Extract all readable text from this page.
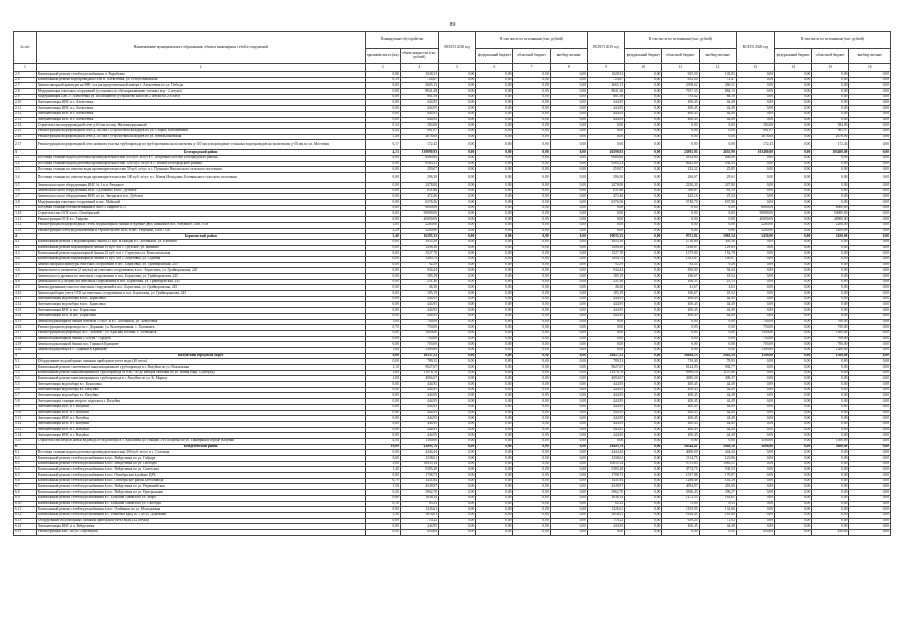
89
№ п/п	Наименование муниципального образования, объекта инженерных сетей и сооружений	Планируемые обустройства		ВСЕГО 2018 год	В том числе по источникам (тыс. рублей)			ВСЕГО 2019 год	В том числе по источникам (тыс. рублей)			ВСЕГО 2020 год	В том числе по источникам (тыс. рублей)		
		протяжён-ность (км)	объем мощности (тыс. рублей)		федеральный бюджет	областной бюджет	внебюд-жетные		федеральный бюджет	областной бюджет	внебюд-жетные		федеральный бюджет	областной бюджет	внебюд-жетные
1	2	3	4	5	6	7	8	9	10	11	12	13	14	15	16
2.5	Капитальный ремонт сетей водоснабжения п. Воробьево	0,88	1028,33	0,00	0,00	0,00	0,00	1028,33	0,00	925,50	102,83	0,00	0,00	0,00	0,00
2.6	Капитальный ремонт водопроводной сети п. Алексеевка, ул. Республиканская	0,19	724,67	0,00	0,00	0,00	0,00	724,67	0,00	652,20	72,47	0,00	0,00	0,00	0,00
2.7	Замена запорной арматуры на ВНС и в распределительной камере г. Алексеевка по ул. Победы	0,00	2665,13	0,00	0,00	0,00	0,00	2665,13	0,00	2398,62	266,51	0,00	0,00	0,00	0,00
2.8	Модернизация очистных сооружений (установка по обеззараживанию сточных вод - 2 штуки)	0,00	8841,48	0,00	0,00	0,00	0,00	8841,48	0,00	7957,33	884,15	0,00	0,00	0,00	0,00
2.9	Модернизация ЦНС г. Алексеевка ул. Космонавтов (устройство насосов 2 штуки по 250 кВт)	0,00	881,58	0,00	0,00	0,00	0,00	881,58	0,00	793,42	88,16	0,00	0,00	0,00	0,00
2.10	Автоматизация КНС п.г. Алексеевка	0,00	444,95	0,00	0,00	0,00	0,00	444,95	0,00	400,45	44,49	0,00	0,00	0,00	0,00
2.11	Автоматизация КНС п.г. Алексеевка	0,00	444,95	0,00	0,00	0,00	0,00	444,95	0,00	400,45	44,49	0,00	0,00	0,00	0,00
2.12	Автоматизация КНС п.г. Алексеевка	0,00	444,95	0,00	0,00	0,00	0,00	444,95	0,00	400,45	44,49	0,00	0,00	0,00	0,00
2.13	Автоматизация КНС п.г. Алексеевка	0,00	444,95	0,00	0,00	0,00	0,00	444,95	0,00	400,45	44,49	0,00	0,00	0,00	0,00
2.14	Строительство водопроводной сети д.63 мм по пер. Железнодорожный	0,34	384,00	0,00	0,00	0,00	0,00	0,00	0,00	0,00	0,00	384,00	0,00	384,00	0,00
2.15	Реконструкция водопроводной сети д.160 мм с устройством колодцев по ул. Старых Большевиков	0,44	981,97	0,00	0,00	0,00	0,00	0,00	0,00	0,00	0,00	981,97	0,00	981,97	0,00
2.16	Реконструкция водопроводной сети д.110 мм с устройством колодцев по ул. Невельсоновская	1,40	2676,00	0,00	0,00	0,00	0,00	0,00	0,00	0,00	0,00	2676,00	0,00	2676,00	0,00
2.17	Реконструкция водопроводной сети заменою участка трубопровода по труб протяжен на полиэтилен д-110 мм и водопадение стальных водопроводов на полиэтилен д-50 мм по ул. Мостовая	0,17	172,43	0,00	0,00	0,00	0,00	0,00	0,00	0,00	0,00	172,43	0,00	172,43	0,00
3	Белгородский район	4,13	139999,93	0,00	0,00	0,00	0,00	26599,93	0,00	23903,93	2655,99	103400,00	0,00	103400,00	0,00
3.1	Поставка станции водоподготовки производительностью 600 куб. м/сут в с. Петровка/Поселок Белгородского района	0,00	6460,80	0,00	0,00	0,00	0,00	6460,80	0,00	5814,80	646,00	0,00	0,00	0,00	0,00
3.2	Поставка станции водоподготовки производительностью 1200 куб. м/сут в с. Репное Белгородского района	0,00	9583,33	0,00	0,00	0,00	0,00	9583,33	0,00	8625,00	958,33	0,00	0,00	0,00	0,00
3.3	Поставка станции по очистке воды производительностью 50 куб. м/сут. в с. Пушкино Никольского сельского поселения	0,00	259,07	0,00	0,00	0,00	0,00	259,07	0,00	233,22	25,85	0,00	0,00	0,00	0,00
3.4	Поставка станции по очистке воды производительностью 100 куб. м/сут. в с. Новая Нелидовка Головинского сельского поселения	0,00	296,30	0,00	0,00	0,00	0,00	296,30	0,00	266,67	29,63	0,00	0,00	0,00	0,00
3.5	Замена насосного оборудования КНС № 1 в п. Разумное	0,00	2478,00	0,00	0,00	0,00	0,00	2478,00	0,00	2230,20	247,80	0,00	0,00	0,00	0,00
3.6	Замена насосного оборудования КНС «Дзолкин» в пос. Дубовое	0,00	631,86	0,00	0,00	0,00	0,00	631,86	0,00	568,67	63,19	0,00	0,00	0,00	0,00
3.7	Замена насосного оборудования КНС по ул. Звездная в пос. Дубовое	0,00	472,40	0,00	0,00	0,00	0,00	472,40	0,00	425,16	47,24	0,00	0,00	0,00	0,00
3.8	Модернизация очистных сооружений в пос. Майский	0,00	6376,56	0,00	0,00	0,00	0,00	6376,56	0,00	5748,70	637,86	0,00	0,00	0,00	0,00
3.9	Поставка станции обезжелезивания в МКР «Таврово-6,7»	0,00	6000,00	0,00	0,00	0,00	0,00	0,00	0,00	0,00	0,00	6000,00	0,00	6000,00	0,00
3.10	Строительство ОСК в пос. Октябрьский	0,00	50000,00	0,00	0,00	0,00	0,00	0,00	0,00	0,00	0,00	50000,00	0,00	50000,00	0,00
3.11	Реконструкция ОСК в с. Таврово	0,00	40000,00	0,00	0,00	0,00	0,00	0,00	0,00	0,00	0,00	40000,00	0,00	40000,00	0,00
3.12	Реконструкция водопроводных сетей, водонапорной башни и бурение двух скважин в пос. Разумное, ПМС-138	1,85	2200,00	0,00	0,00	0,00	0,00	0,00	0,00	0,00	0,00	2200,00	0,00	2200,00	0,00
3.13	Реконструкция сетей водоснабжения и строительство КНС в пос. Разумное, ПМС-138	2,28	5200,00	0,00	0,00	0,00	0,00	0,00	0,00	0,00	0,00	5200,00	0,00	5200,00	0,00
4	Борисовский район	3,40	16285,35	0,00	0,00	0,00	0,00	10835,35	0,00	9751,82	1083,54	5450,00	0,00	5450,00	0,00
4.1	Капитальный ремонт 3 водонапорных башен 25 куб. м каждая в с. Хотмыжск, ул. Климова	0,00	3055,56	0,00	0,00	0,00	0,00	3055,56	0,00	2750,00	305,56	0,00	0,00	0,00	0,00
4.2	Капитальный ремонт водонапорной башни 15 куб. м в с. Грузское, ул. Иванова	0,00	1296,30	0,00	0,00	0,00	0,00	1296,30	0,00	1166,67	129,63	0,00	0,00	0,00	0,00
4.3	Капитальный ремонт водонапорной башни 25 куб. м в с. Стригуны ул. Комсомольская	0,00	1527,78	0,00	0,00	0,00	0,00	1527,78	0,00	1375,00	152,78	0,00	0,00	0,00	0,00
4.4	Капитальный ремонт водонапорной башни 25 куб. м в с. Березовка, ул. Садовая	0,00	1490,74	0,00	0,00	0,00	0,00	1490,74	0,00	1341,67	149,07	0,00	0,00	0,00	0,00
4.5	Замена запорной арматуры очистных сооружений в пос. Борисовка, ул. Грайворонская, 245	0,00	92,59	0,00	0,00	0,00	0,00	92,59	0,00	83,33	9,26	0,00	0,00	0,00	0,00
4.6	Замена насоса ужимателя (2 штуки) на очистных сооружениях в пос. Борисовка, ул. Грайворонская, 245	0,00	944,44	0,00	0,00	0,00	0,00	944,44	0,00	850,00	94,44	0,00	0,00	0,00	0,00
4.7	Замена насоса дренажа на очистных сооружениях в пос. Борисовка, ул. Грайворонская, 245	0,00	185,19	0,00	0,00	0,00	0,00	185,19	0,00	166,67	18,52	0,00	0,00	0,00	0,00
4.8	Замена насоса (2 штуки) на очистных сооружениях в пос. Борисовка, ул. Грайворонская, 245	0,00	231,48	0,00	0,00	0,00	0,00	231,48	0,00	208,33	23,15	0,00	0,00	0,00	0,00
4.9	Замена дренажного насоса очистных сооружений в пос. Борисовка, ул. Грайворонская, 245	0,00	46,30	0,00	0,00	0,00	0,00	46,30	0,00	41,67	4,63	0,00	0,00	0,00	0,00
4.10	Замена приборов учета ОСК на очистных сооружениях в пос. Борисовка, ул. Грайворонская, 245	0,00	185,19	0,00	0,00	0,00	0,00	185,19	0,00	166,67	18,52	0,00	0,00	0,00	0,00
4.11	Автоматизация водозабора в пос. Борисовка	0,00	444,95	0,00	0,00	0,00	0,00	444,95	0,00	400,45	44,49	0,00	0,00	0,00	0,00
4.12	Автоматизация водозабора в пос. Борисовка	0,00	444,95	0,00	0,00	0,00	0,00	444,95	0,00	400,45	44,49	0,00	0,00	0,00	0,00
4.13	Автоматизация КНС в пос. Борисовка	0,00	444,95	0,00	0,00	0,00	0,00	444,95	0,00	400,45	44,49	0,00	0,00	0,00	0,00
4.14	Автоматизация КНС в пос. Борисовка	0,00	444,95	0,00	0,00	0,00	0,00	444,95	0,00	400,45	44,49	0,00	0,00	0,00	0,00
4.15	Замена водонапорной башни объемом 15 куб. м в с. Хотмыжск, ул. Хомутовка	1,00	700,00	0,00	0,00	0,00	0,00	0,00	0,00	0,00	0,00	700,00	0,00	700,00	0,00
4.16	Реконструкция водопровода по с. Дорнино, ул. Кооперативная, с. Хотмыжск	0,70	750,00	0,00	0,00	0,00	0,00	0,00	0,00	0,00	0,00	750,00	0,00	750,00	0,00
4.17	Реконструкция водопровода по с. Лозовое - ул. Красная Поляна, с. Хотмыжск	0,00	1000,00	0,00	0,00	0,00	0,00	0,00	0,00	0,00	0,00	1300,00	0,00	1300,00	0,00
4.18	Замена водонапорной башни с. Богун - Городок	0,00	700,00	0,00	0,00	0,00	0,00	0,00	0,00	0,00	0,00	700,00	0,00	700,00	0,00
4.19	Замена водонапорной башни пос. Горняк в Кравцове	0,00	700,00	0,00	0,00	0,00	0,00	0,00	0,00	0,00	0,00	700,00	0,00	700,00	0,00
4.20	Замена водопровода в с. Сединки в Кравцове	1,00	1300,00	0,00	0,00	0,00	0,00	0,00	0,00	0,00	0,00	1300,00	0,00	1300,00	0,00
5	Валуйский городской округ	9,60	30537,52	0,00	0,00	0,00	0,00	29457,52	0,00	26494,13	2943,39	1500,00	0,00	1500,00	0,00
5.1	Оборудование водозаборных скважин приборами учета воды (40 штук)	0,00	789,33	0,00	0,00	0,00	0,00	789,33	0,00	710,40	78,93	0,00	0,00	0,00	0,00
5.2	Капитальный ремонт самотечного канализационного трубопровода в г. Валуйки по ул. Вокзальная	1,10	9027,67	0,00	0,00	0,00	0,00	9027,67	0,00	8124,90	902,77	0,00	0,00	0,00	0,00
5.3	Капитальный ремонт канализационного трубопровода от КНС-49 до камеры гашения по ул. Новая (мкр. Соцгород)	3,00	11076,78	0,00	0,00	0,00	0,00	11076,78	0,00	9969,10	1107,68	0,00	0,00	0,00	0,00
5.4	Капитальный ремонт канализационного трубопровода в г. Валуйки по ул. К. Маркса	1,00	4094,67	0,00	0,00	0,00	0,00	4094,67	0,00	3685,20	409,47	0,00	0,00	0,00	0,00
5.5	Автоматизация водозабора в с. Кукаловка	0,00	444,95	0,00	0,00	0,00	0,00	444,95	0,00	400,45	44,49	0,00	0,00	0,00	0,00
5.6	Автоматизация водозабора в г. Валуйки	0,00	444,95	0,00	0,00	0,00	0,00	444,95	0,00	400,45	44,49	0,00	0,00	0,00	0,00
5.7	Автоматизация водозабора в г. Валуйки	0,00	444,95	0,00	0,00	0,00	0,00	444,95	0,00	400,45	44,49	0,00	0,00	0,00	0,00
5.8	Автоматизация станции второго подъема в г. Валуйки	0,00	444,95	0,00	0,00	0,00	0,00	444,95	0,00	400,45	44,49	0,00	0,00	0,00	0,00
5.9	Автоматизация КНС в г. Валуйки	0,00	444,95	0,00	0,00	0,00	0,00	444,95	0,00	400,45	44,49	0,00	0,00	0,00	0,00
5.10	Автоматизация КНС в г. Валуйки	0,00	444,95	0,00	0,00	0,00	0,00	444,95	0,00	400,45	44,49	0,00	0,00	0,00	0,00
5.11	Автоматизация КНС в г. Валуйки	0,00	444,95	0,00	0,00	0,00	0,00	444,95	0,00	400,45	44,49	0,00	0,00	0,00	0,00
5.12	Автоматизация КНС в г. Валуйки	0,00	444,95	0,00	0,00	0,00	0,00	444,95	0,00	400,45	44,49	0,00	0,00	0,00	0,00
5.13	Автоматизация КНС в г. Валуйки	0,00	444,95	0,00	0,00	0,00	0,00	444,95	0,00	400,45	44,49	0,00	0,00	0,00	0,00
5.14	Автоматизация КНС в г. Валуйки	0,00	444,95	0,00	0,00	0,00	0,00	444,95	0,00	400,45	44,49	0,00	0,00	0,00	0,00
5.15	Строительство второй нитки водовода от водозабора в с. Кукаловка до станции 3-го подъема по ул. Танкерная в городе Валуйки	4,50	1500,00	0,00	0,00	0,00	0,00	0,00	0,00	0,00	0,00	1500,00	0,00	1500,00	0,00
6	Вейделевский район	19,09	41093,79	0,00	0,00	0,00	0,00	29493,79	0,00	26544,41	2949,38	3600,00	0,00	3600,00	0,00
6.1	Поставка станции водоподготовки производительностью 200 куб. м/сут. в с. Солонцы	0,00	4444,44	0,00	0,00	0,00	0,00	4444,44	0,00	4000,00	444,44	0,00	0,00	0,00	0,00
6.2	Капитальный ремонт сетей водоснабжения в пос. Вейделевка по ул. Гайдара	0,60	1238,61	0,00	0,00	0,00	0,00	1238,61	0,00	1114,75	123,86	0,00	0,00	0,00	0,00
6.3	Капитальный ремонт сетей водоснабжения в пос. Вейделевка по ул. Свободы	5,00	10835,14	0,00	0,00	0,00	0,00	10835,14	0,00	9751,63	1083,51	0,00	0,00	0,00	0,00
6.4	Капитальный ремонт сетей водоснабжения в пос. Вейделевка по ул. Советская	1,40	5305,28	0,00	0,00	0,00	0,00	5305,28	0,00	4774,75	530,53	0,00	0,00	0,00	0,00
6.5	Капитальный ремонт сетей водоснабжения в пос. Октябрьская в районе ЦРБ	0,80	1708,73	0,00	0,00	0,00	0,00	1708,73	0,00	1537,86	170,87	0,00	0,00	0,00	0,00
6.6	Капитальный ремонт сетей водоснабжения в пос. Октябрьское район хлебозавода	0,70	1431,64	0,00	0,00	0,00	0,00	1431,64	0,00	1288,48	143,16	0,00	0,00	0,00	0,00
6.7	Капитальный ремонт сетей водоснабжения в пос. Вейделевка по ул. Первомайская	1,50	4549,97	0,00	0,00	0,00	0,00	4549,97	0,00	4094,97	455,00	0,00	0,00	0,00	0,00
6.8	Капитальный ремонт сетей водоснабжения в пос. Вейделевка по ул. Центральная	0,50	3962,70	0,00	0,00	0,00	0,00	3962,70	0,00	3566,43	396,27	0,00	0,00	0,00	0,00
6.9	Капитальный ремонт сетей водоснабжения в с. Большие Липяги по ул. Мира	0,60	1636,14	0,00	0,00	0,00	0,00	1636,14	0,00	1472,53	163,61	0,00	0,00	0,00	0,00
6.10	Капитальный ремонт сетей водоснабжения в с. Большие Липяги по ул. Свободы	0,10	83,33	0,00	0,00	0,00	0,00	83,33	0,00	75,00	8,33	0,00	0,00	0,00	0,00
6.11	Капитальный ремонт сетей водоснабжения в пос. Олейники по ул. Молодежная	0,90	1326,61	0,00	0,00	0,00	0,00	1326,61	0,00	1193,95	132,66	0,00	0,00	0,00	0,00
6.12	Капитальный ремонт сетей водоснабжения в с. Ровнечка Брод № 1 до ул. Дорожная	1,30	1816,01	0,00	0,00	0,00	0,00	1816,01	0,00	1634,41	181,60	0,00	0,00	0,00	0,00
6.13	Оборудование водозаборных скважин приборами учета воды (42 штуки)	0,00	710,22	0,00	0,00	0,00	0,00	710,22	0,00	639,20	71,02	0,00	0,00	0,00	0,00
6.14	Автоматизация КНС в п. Вейделевка	0,00	444,95	0,00	0,00	0,00	0,00	444,95	0,00	400,45	44,49	0,00	0,00	0,00	0,00
6.15	Реконструкция КНС по ул. Стрелецкой	0,00	450,00	0,00	0,00	0,00	0,00	0,00	0,00	0,00	0,00	450,00	0,00	450,00	0,00
